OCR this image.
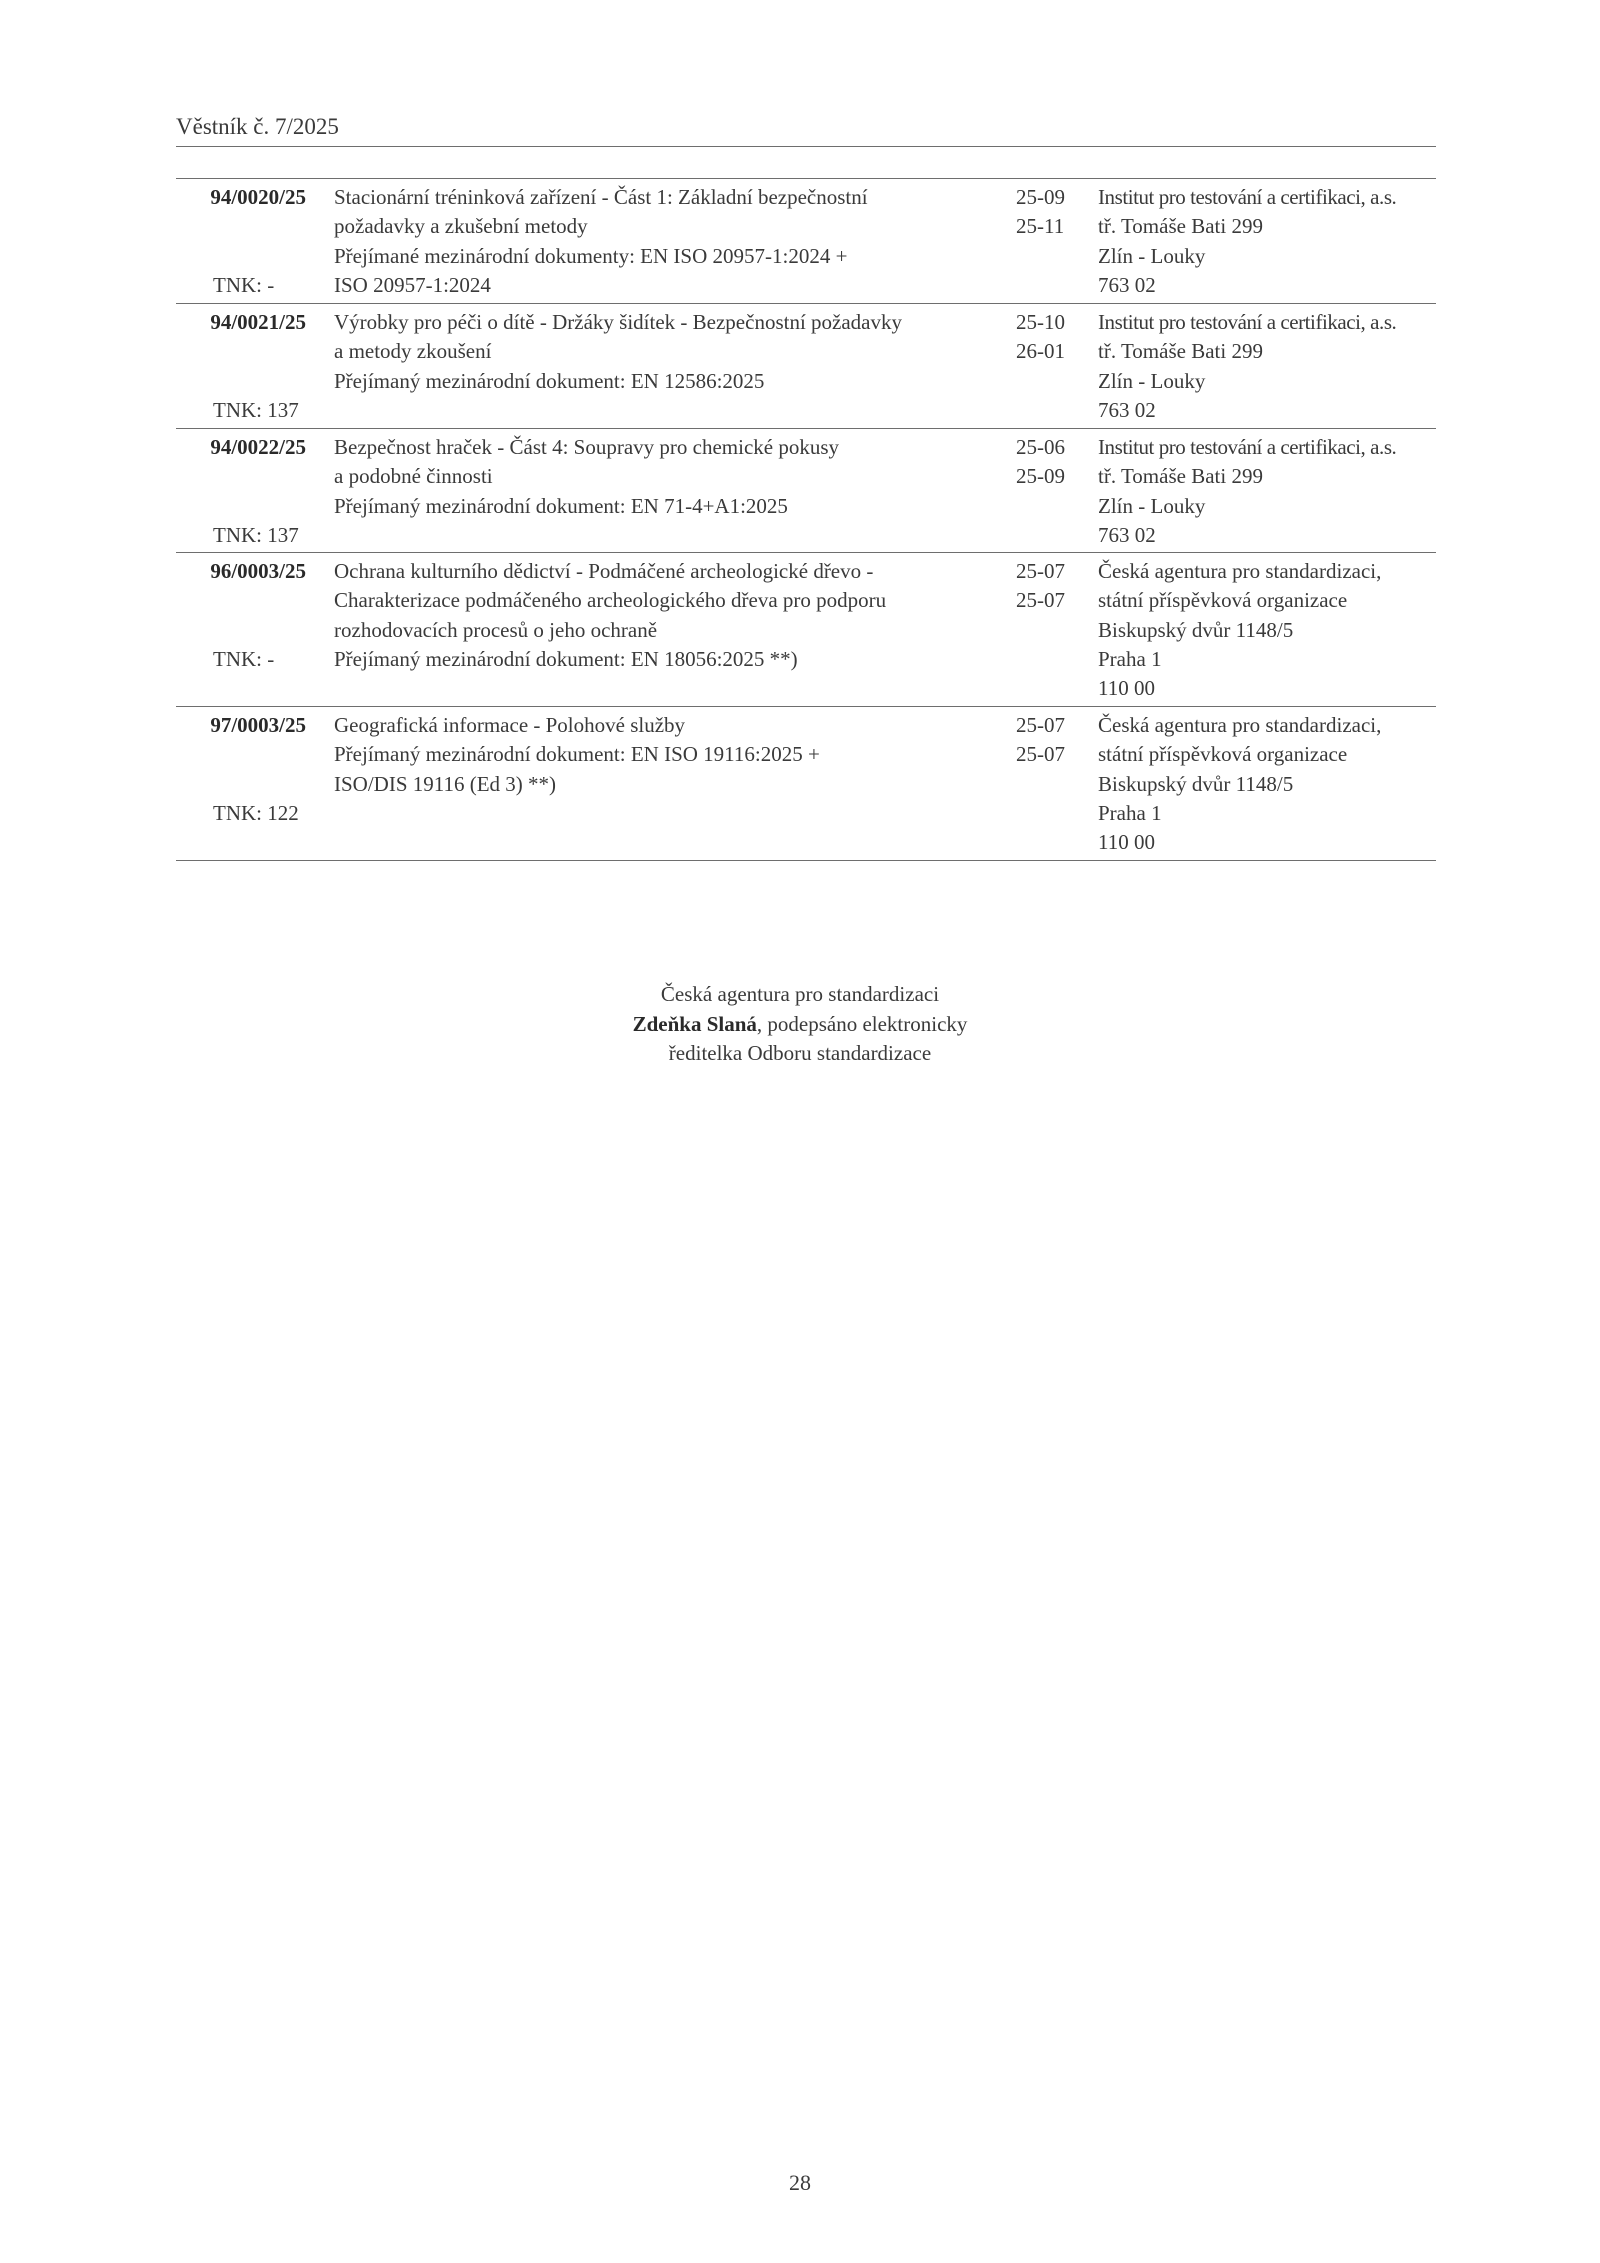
Věstník č. 7/2025
94/0020/25
TNK: -
Stacionární tréninková zařízení - Část 1: Základní bezpečnostní
požadavky a zkušební metody
Přejímané mezinárodní dokumenty: EN ISO 20957-1:2024 +
ISO 20957-1:2024
25-09
25-11
Institut pro testování a certifikaci, a.s.
tř. Tomáše Bati 299
Zlín - Louky
763 02
94/0021/25
TNK: 137
Výrobky pro péči o dítě - Držáky šidítek - Bezpečnostní požadavky
a metody zkoušení
Přejímaný mezinárodní dokument: EN 12586:2025
25-10
26-01
Institut pro testování a certifikaci, a.s.
tř. Tomáše Bati 299
Zlín - Louky
763 02
94/0022/25
TNK: 137
Bezpečnost hraček - Část 4: Soupravy pro chemické pokusy
a podobné činnosti
Přejímaný mezinárodní dokument: EN 71-4+A1:2025
25-06
25-09
Institut pro testování a certifikaci, a.s.
tř. Tomáše Bati 299
Zlín - Louky
763 02
96/0003/25
TNK: -
Ochrana kulturního dědictví - Podmáčené archeologické dřevo -
Charakterizace podmáčeného archeologického dřeva pro podporu
rozhodovacích procesů o jeho ochraně
Přejímaný mezinárodní dokument: EN 18056:2025 **)
25-07
25-07
Česká agentura pro standardizaci,
státní příspěvková organizace
Biskupský dvůr 1148/5
Praha 1
110 00
97/0003/25
TNK: 122
Geografická informace - Polohové služby
Přejímaný mezinárodní dokument: EN ISO 19116:2025 +
ISO/DIS 19116 (Ed 3) **)
25-07
25-07
Česká agentura pro standardizaci,
státní příspěvková organizace
Biskupský dvůr 1148/5
Praha 1
110 00
Česká agentura pro standardizaci
Zdeňka Slaná, podepsáno elektronicky
ředitelka Odboru standardizace
28
